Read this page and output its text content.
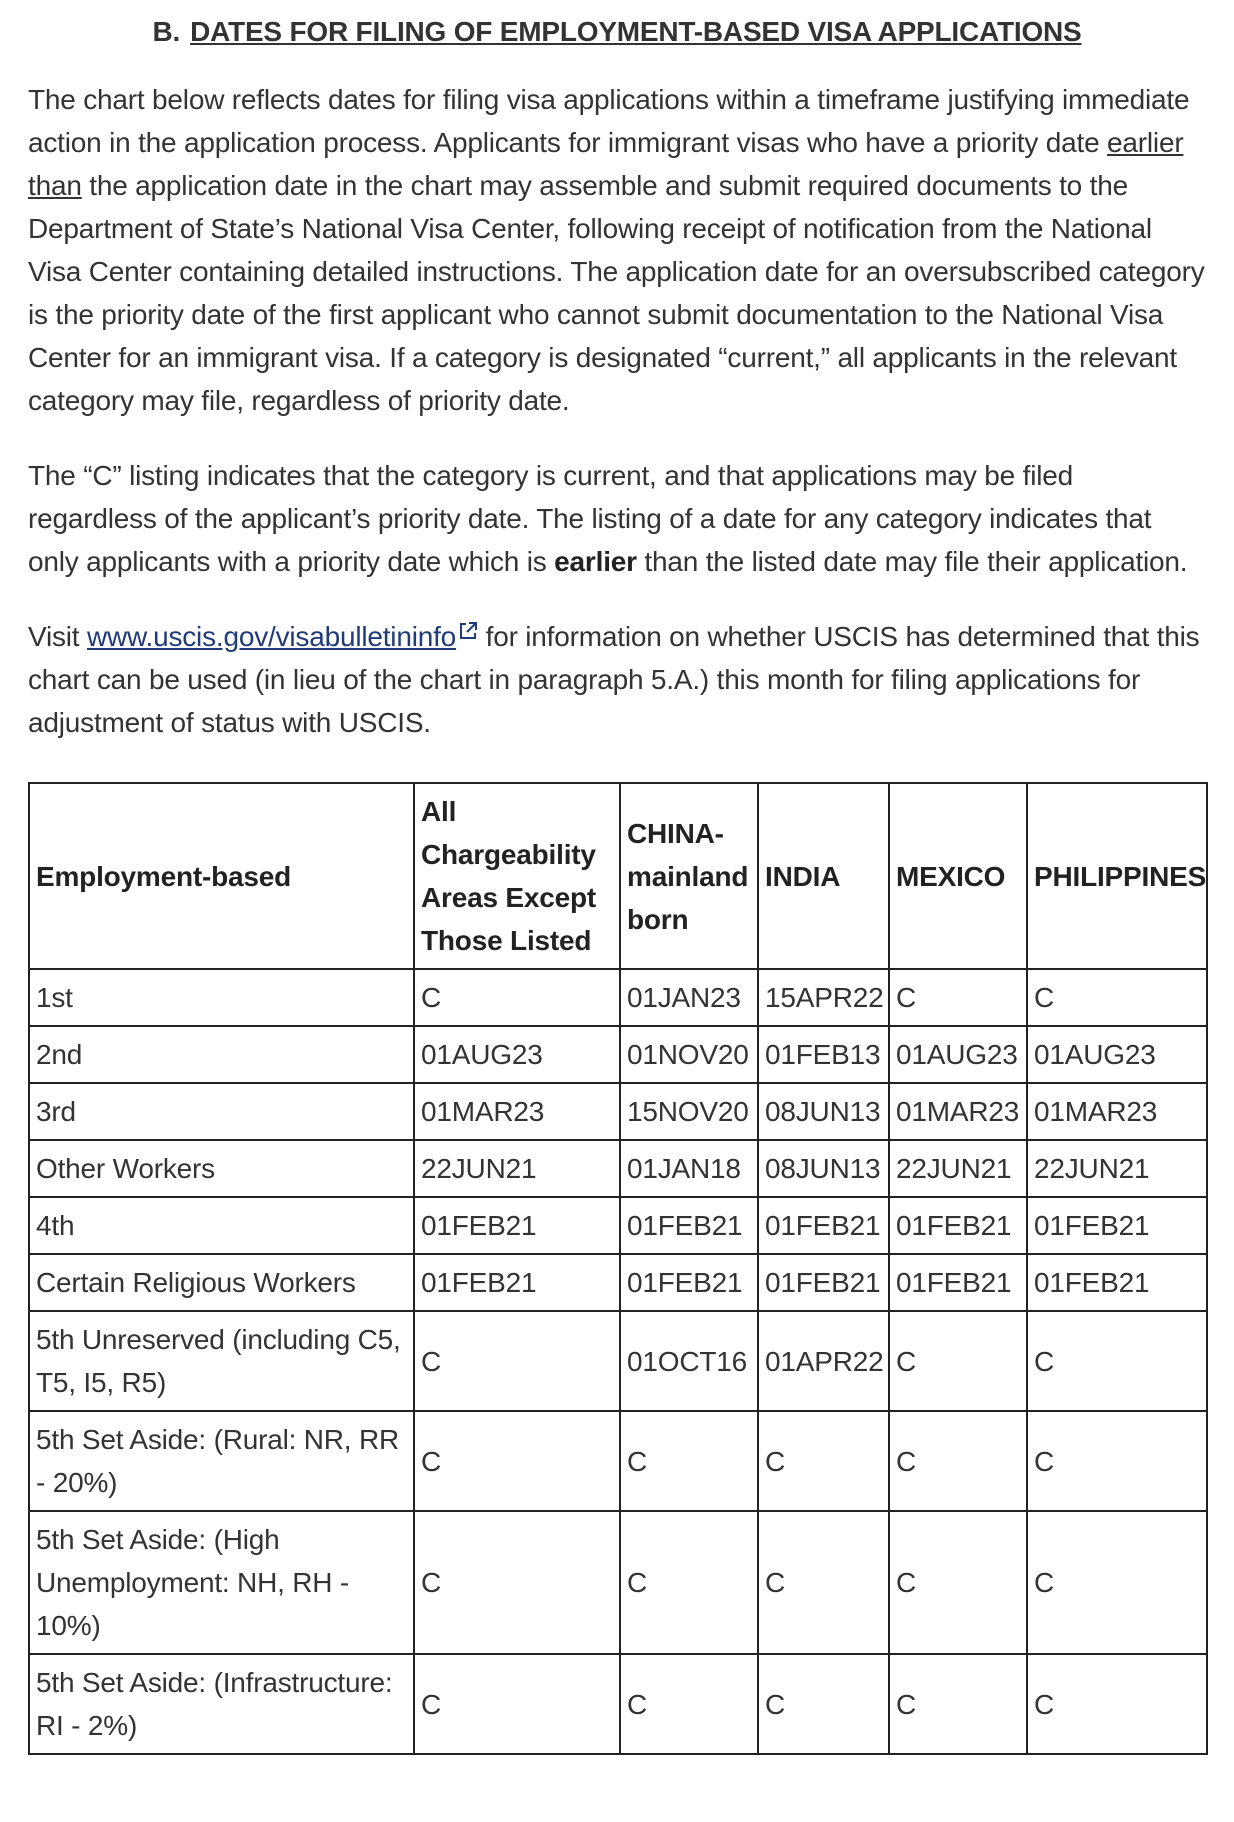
B. DATES FOR FILING OF EMPLOYMENT-BASED VISA APPLICATIONS

The chart below reflects dates for filing visa applications within a timeframe justifying immediate action in the application process. Applicants for immigrant visas who have a priority date earlier than the application date in the chart may assemble and submit required documents to the Department of State’s National Visa Center, following receipt of notification from the National Visa Center containing detailed instructions. The application date for an oversubscribed category is the priority date of the first applicant who cannot submit documentation to the National Visa Center for an immigrant visa. If a category is designated “current,” all applicants in the relevant category may file, regardless of priority date.

The “C” listing indicates that the category is current, and that applications may be filed regardless of the applicant’s priority date. The listing of a date for any category indicates that only applicants with a priority date which is earlier than the listed date may file their application.

Visit www.uscis.gov/visabulletininfo for information on whether USCIS has determined that this chart can be used (in lieu of the chart in paragraph 5.A.) this month for filing applications for adjustment of status with USCIS.

Employment-based	All Chargeability Areas Except Those Listed	CHINA-mainland born	INDIA	MEXICO	PHILIPPINES
1st	C	01JAN23	15APR22	C	C
2nd	01AUG23	01NOV20	01FEB13	01AUG23	01AUG23
3rd	01MAR23	15NOV20	08JUN13	01MAR23	01MAR23
Other Workers	22JUN21	01JAN18	08JUN13	22JUN21	22JUN21
4th	01FEB21	01FEB21	01FEB21	01FEB21	01FEB21
Certain Religious Workers	01FEB21	01FEB21	01FEB21	01FEB21	01FEB21
5th Unreserved (including C5, T5, I5, R5)	C	01OCT16	01APR22	C	C
5th Set Aside: (Rural: NR, RR - 20%)	C	C	C	C	C
5th Set Aside: (High Unemployment: NH, RH - 10%)	C	C	C	C	C
5th Set Aside: (Infrastructure: RI - 2%)	C	C	C	C	C
